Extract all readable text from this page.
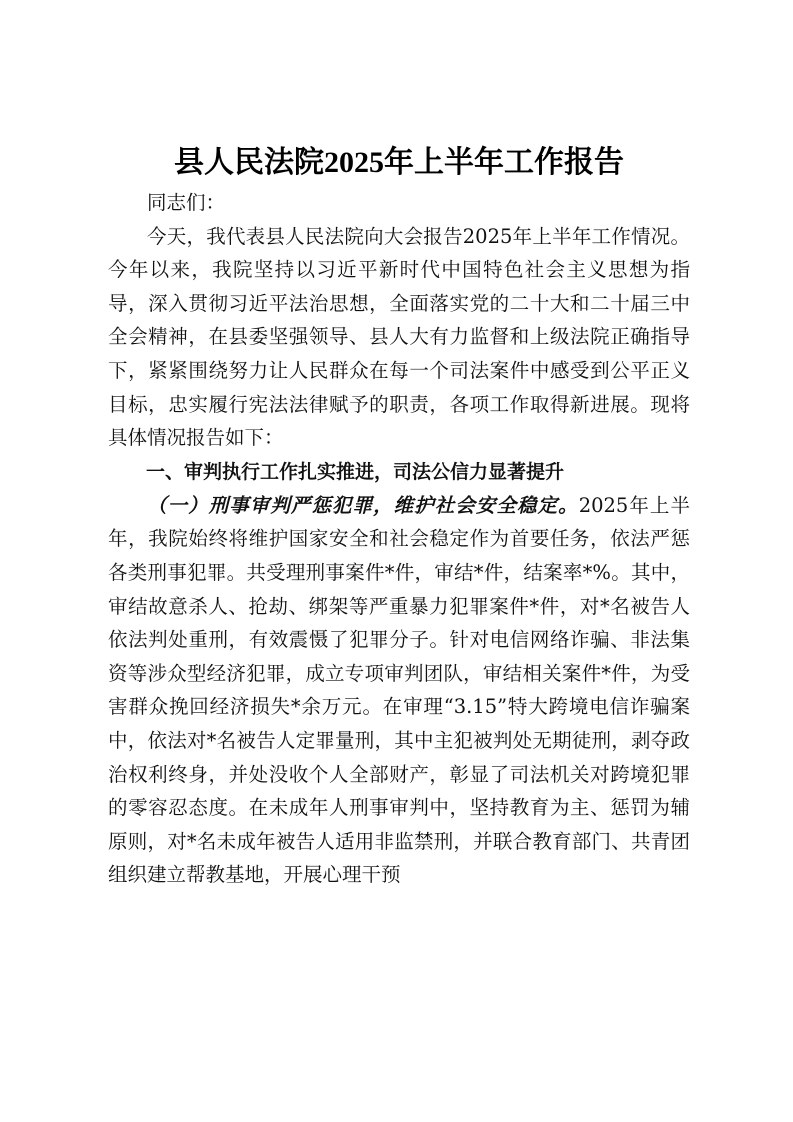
县人民法院2025年上半年工作报告

同志们：

今天，我代表县人民法院向大会报告2025年上半年工作情况。今年以来，我院坚持以习近平新时代中国特色社会主义思想为指导，深入贯彻习近平法治思想，全面落实党的二十大和二十届三中全会精神，在县委坚强领导、县人大有力监督和上级法院正确指导下，紧紧围绕努力让人民群众在每一个司法案件中感受到公平正义目标，忠实履行宪法法律赋予的职责，各项工作取得新进展。现将具体情况报告如下：

一、审判执行工作扎实推进，司法公信力显著提升

（一）刑事审判严惩犯罪，维护社会安全稳定。2025年上半年，我院始终将维护国家安全和社会稳定作为首要任务，依法严惩各类刑事犯罪。共受理刑事案件*件，审结*件，结案率*%。其中，审结故意杀人、抢劫、绑架等严重暴力犯罪案件*件，对*名被告人依法判处重刑，有效震慑了犯罪分子。针对电信网络诈骗、非法集资等涉众型经济犯罪，成立专项审判团队，审结相关案件*件，为受害群众挽回经济损失*余万元。在审理“3.15”特大跨境电信诈骗案中，依法对*名被告人定罪量刑，其中主犯被判处无期徒刑，剥夺政治权利终身，并处没收个人全部财产，彰显了司法机关对跨境犯罪的零容忍态度。在未成年人刑事审判中，坚持教育为主、惩罚为辅原则，对*名未成年被告人适用非监禁刑，并联合教育部门、共青团组织建立帮教基地，开展心理干预
